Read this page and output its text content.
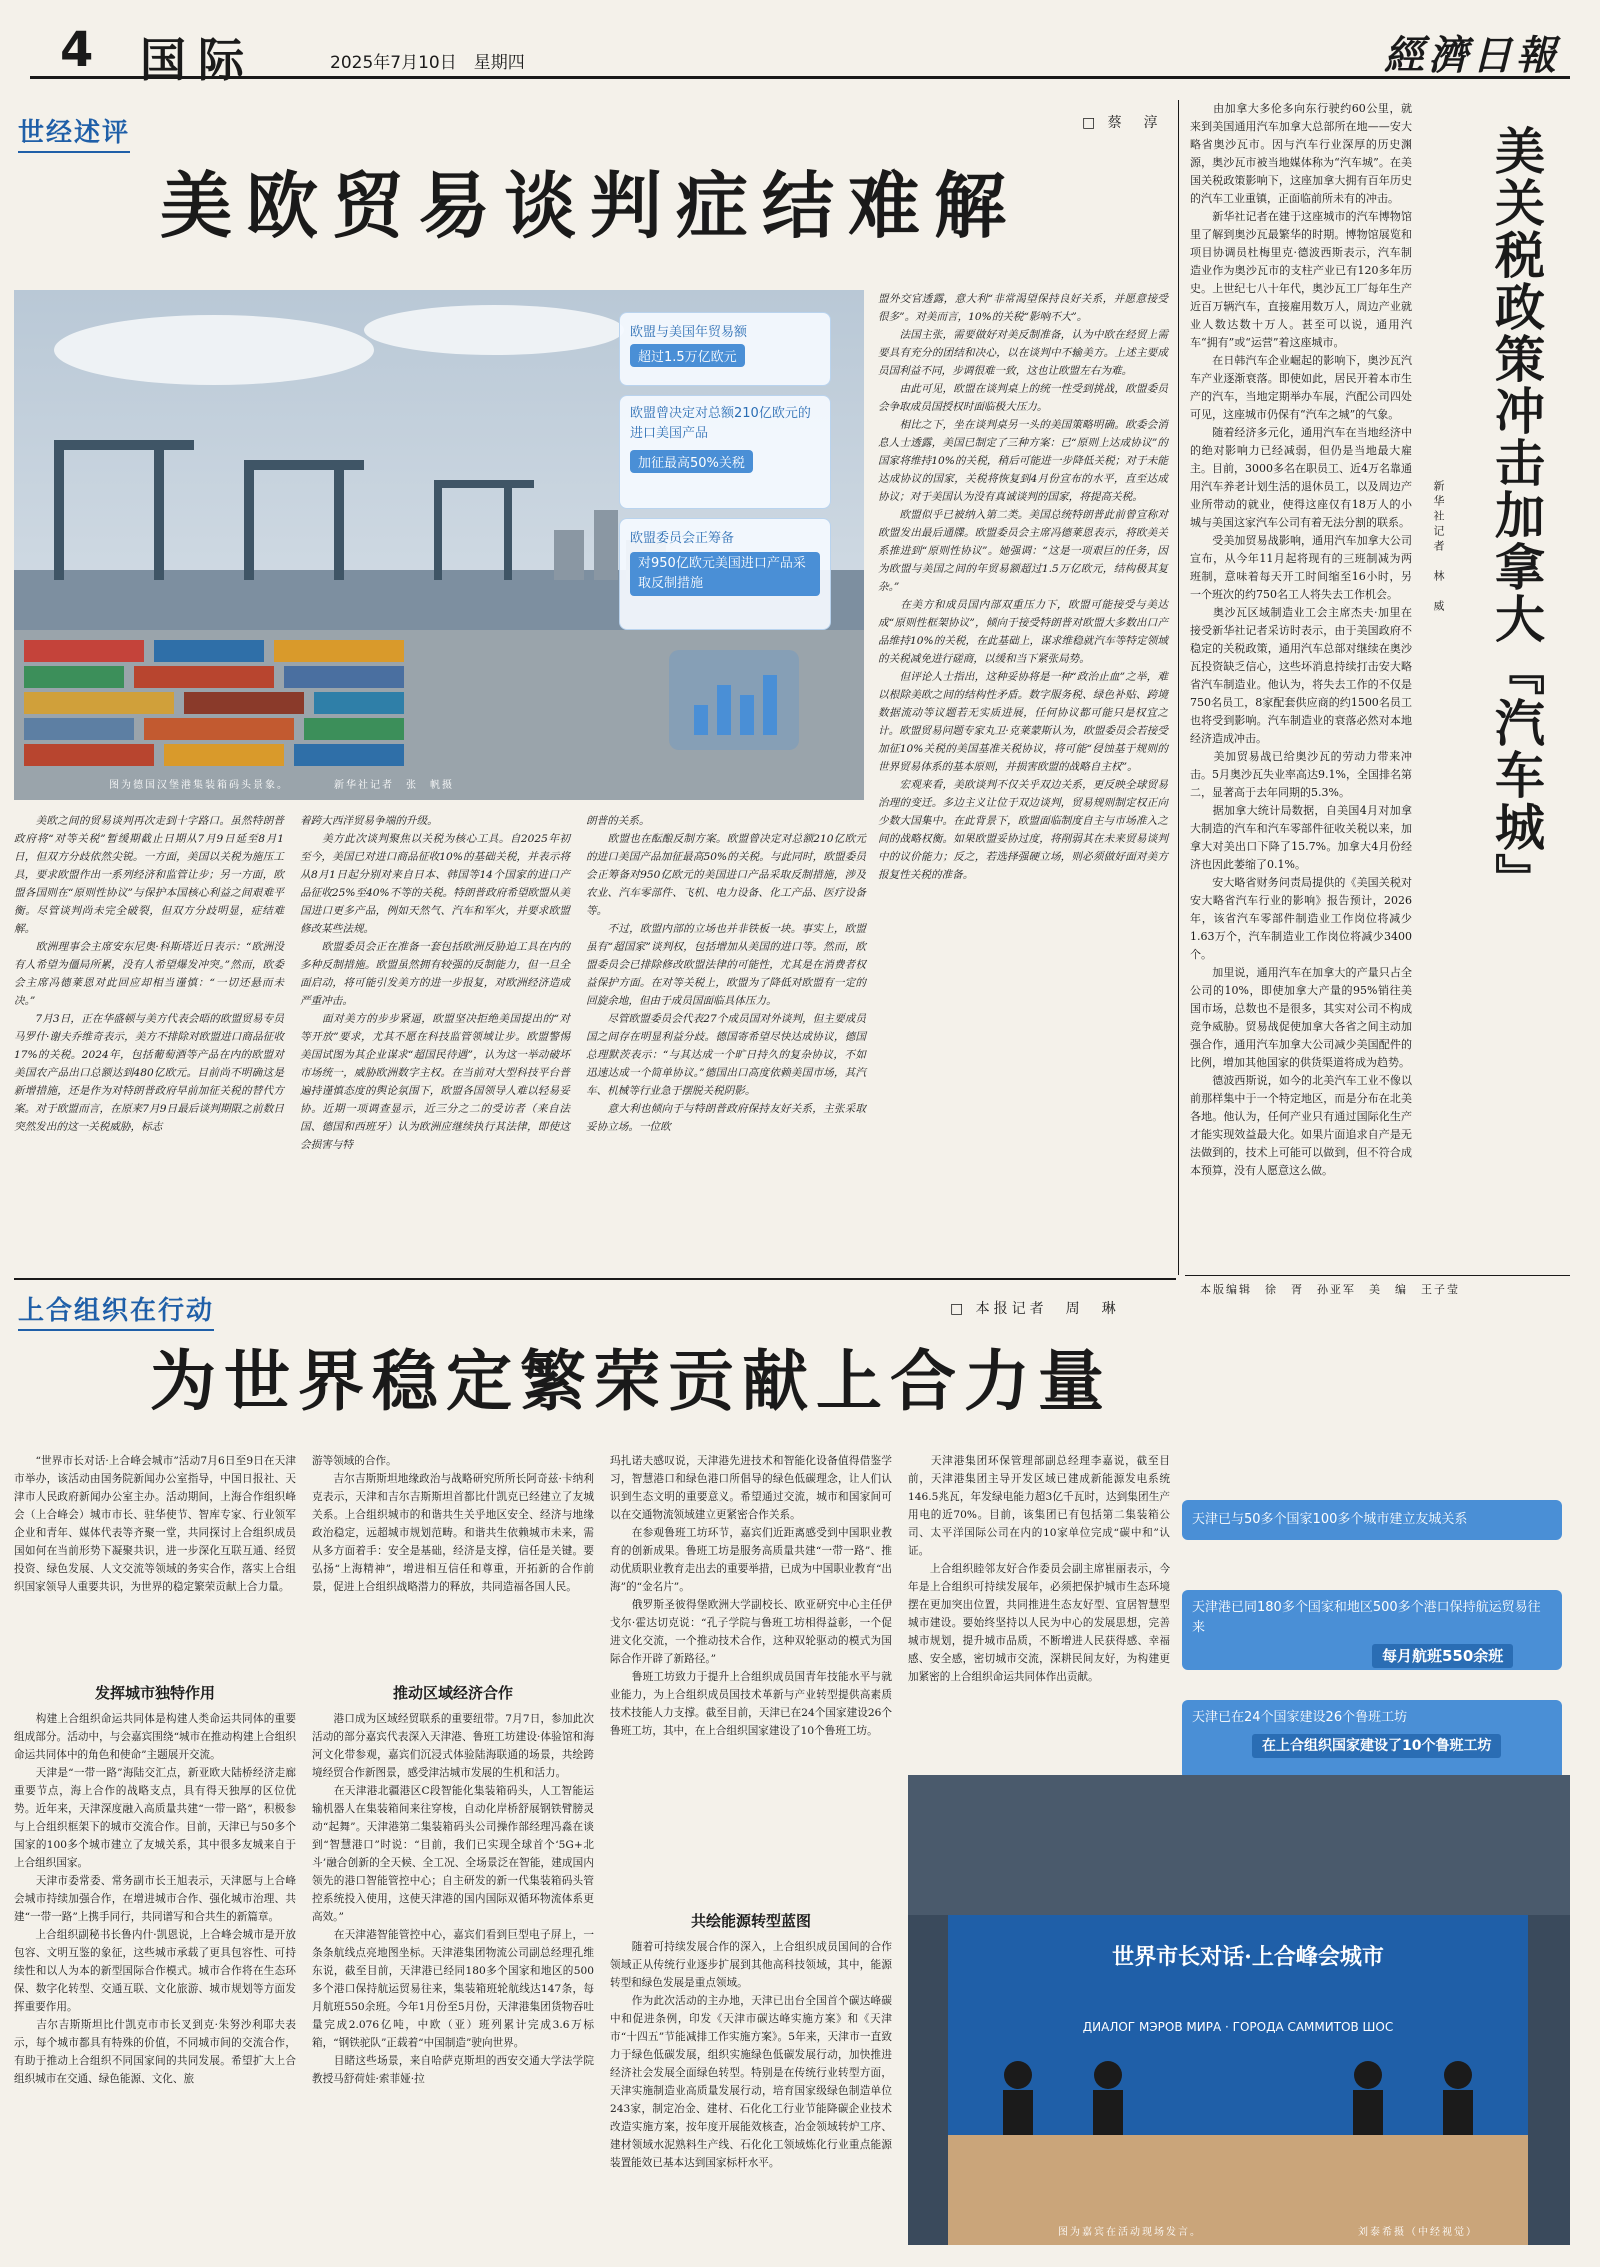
4 国际	2025年7月10日　星期四	經濟日報
世经述评	□ 蔡　淳
美欧贸易谈判症结难解
欧盟与美国年贸易额
超过1.5万亿欧元
欧盟曾决定对总额210亿欧元的进口美国产品
加征最高50%关税
欧盟委员会正筹备
对950亿欧元美国进口产品采取反制措施
图为德国汉堡港集装箱码头景象。	新华社记者　张　帆摄
盟外交官透露，意大利“非常渴望保持良好关系，并愿意接受很多”。对美而言，10%的关税“影响不大”。
　　法国主张，需要做好对美反制准备，认为中欧在经贸上需要具有充分的团结和决心，以在谈判中不输美方。上述主要成员国利益不同，步调很难一致，这也让欧盟左右为难。
　　由此可见，欧盟在谈判桌上的统一性受到挑战，欧盟委员会争取成员国授权时面临极大压力。
　　相比之下，坐在谈判桌另一头的美国策略明确。欧委会消息人士透露，美国已制定了三种方案：已“原则上达成协议”的国家将维持10%的关税，稍后可能进一步降低关税；对于未能达成协议的国家，关税将恢复到4月份宣布的水平，直至达成协议；对于美国认为没有真诚谈判的国家，将提高关税。
　　欧盟似乎已被纳入第二类。美国总统特朗普此前曾宣称对欧盟发出最后通牒。欧盟委员会主席冯德莱恩表示，将欧美关系推进到“原则性协议”。她强调：“这是一项艰巨的任务，因为欧盟与美国之间的年贸易额超过1.5万亿欧元，结构极其复杂。”
　　在美方和成员国内部双重压力下，欧盟可能接受与美达成“原则性框架协议”，倾向于接受特朗普对欧盟大多数出口产品维持10%的关税，在此基础上，谋求维稳就汽车等特定领域的关税减免进行磋商，以缓和当下紧张局势。
　　但评论人士指出，这种妥协将是一种“政治止血”之举，难以根除美欧之间的结构性矛盾。数字服务税、绿色补贴、跨境数据流动等议题若无实质进展，任何协议都可能只是权宜之计。欧盟贸易问题专家丸卫·克莱蒙斯认为，欧盟委员会若接受加征10%关税的美国基准关税协议，将可能“侵蚀基于规则的世界贸易体系的基本原则，并损害欧盟的战略自主权”。
　　宏观来看，美欧谈判不仅关乎双边关系，更反映全球贸易治理的变迁。多边主义让位于双边谈判，贸易规则制定权正向少数大国集中。在此背景下，欧盟面临制度自主与市场准入之间的战略权衡。如果欧盟妥协过度，将削弱其在未来贸易谈判中的议价能力；反之，若选择强硬立场，则必须做好面对美方报复性关税的准备。
　　美欧之间的贸易谈判再次走到十字路口。虽然特朗普政府将“对等关税”暂缓期截止日期从7月9日延至8月1日，但双方分歧依然尖锐。一方面，美国以关税为施压工具，要求欧盟作出一系列经济和监管让步；另一方面，欧盟各国则在“原则性协议”与保护本国核心利益之间艰难平衡。尽管谈判尚未完全破裂，但双方分歧明显，症结难解。
　　欧洲理事会主席安东尼奥·科斯塔近日表示：“欧洲没有人希望为僵局所累，没有人希望爆发冲突。”然而，欧委会主席冯德莱恩对此回应却相当谨慎：“一切还悬而未决。”
　　7月3日，正在华盛顿与美方代表会晤的欧盟贸易专员马罗什·谢夫乔维奇表示，美方不排除对欧盟进口商品征收17%的关税。2024年，包括葡萄酒等产品在内的欧盟对美国农产品出口总额达到480亿欧元。目前尚不明确这是新增措施，还是作为对特朗普政府早前加征关税的替代方案。对于欧盟而言，在原来7月9日最后谈判期限之前数日突然发出的这一关税威胁，标志
着跨大西洋贸易争端的升级。
　　美方此次谈判聚焦以关税为核心工具。自2025年初至今，美国已对进口商品征收10%的基础关税，并表示将从8月1日起分别对来自日本、韩国等14个国家的进口产品征收25%至40%不等的关税。特朗普政府希望欧盟从美国进口更多产品，例如天然气、汽车和军火，并要求欧盟修改某些法规。
　　欧盟委员会正在准备一套包括欧洲反胁迫工具在内的多种反制措施。欧盟虽然拥有较强的反制能力，但一旦全面启动，将可能引发美方的进一步报复，对欧洲经济造成严重冲击。
　　面对美方的步步紧逼，欧盟坚决拒绝美国提出的“对等开放”要求，尤其不愿在科技监管领域让步。欧盟警惕美国试图为其企业谋求“超国民待遇”，认为这一举动破坏市场统一，威胁欧洲数字主权。在当前对大型科技平台普遍持谨慎态度的舆论氛围下，欧盟各国领导人难以轻易妥协。近期一项调查显示，近三分之二的受访者（来自法国、德国和西班牙）认为欧洲应继续执行其法律，即使这会损害与特
朗普的关系。
　　欧盟也在酝酿反制方案。欧盟曾决定对总额210亿欧元的进口美国产品加征最高50%的关税。与此同时，欧盟委员会正筹备对950亿欧元的美国进口产品采取反制措施，涉及农业、汽车零部件、飞机、电力设备、化工产品、医疗设备等。
　　不过，欧盟内部的立场也并非铁板一块。事实上，欧盟虽有“超国家”谈判权，包括增加从美国的进口等。然而，欧盟委员会已排除修改欧盟法律的可能性，尤其是在消费者权益保护方面。在对等关税上，欧盟为了降低对欧盟有一定的回旋余地，但由于成员国面临具体压力。
　　尽管欧盟委员会代表27个成员国对外谈判，但主要成员国之间存在明显利益分歧。德国寄希望尽快达成协议，德国总理默茨表示：“与其达成一个旷日持久的复杂协议，不如迅速达成一个简单协议。”德国出口高度依赖美国市场，其汽车、机械等行业急于摆脱关税阴影。
　　意大利也倾向于与特朗普政府保持友好关系，主张采取妥协立场。一位欧
　　由加拿大多伦多向东行驶约60公里，就来到美国通用汽车加拿大总部所在地——安大略省奥沙瓦市。因与汽车行业深厚的历史渊源，奥沙瓦市被当地媒体称为“汽车城”。在美国关税政策影响下，这座加拿大拥有百年历史的汽车工业重镇，正面临前所未有的冲击。
　　新华社记者在建于这座城市的汽车博物馆里了解到奥沙瓦最繁华的时期。博物馆展览和项目协调员杜梅里克·德波西斯表示，汽车制造业作为奥沙瓦市的支柱产业已有120多年历史。上世纪七八十年代，奥沙瓦工厂每年生产近百万辆汽车，直接雇用数万人，周边产业就业人数达数十万人。甚至可以说，通用汽车“拥有”或“运营”着这座城市。
　　在日韩汽车企业崛起的影响下，奥沙瓦汽车产业逐渐衰落。即使如此，居民开着本市生产的汽车，当地定期举办车展，汽配公司四处可见，这座城市仍保有“汽车之城”的气象。
　　随着经济多元化，通用汽车在当地经济中的绝对影响力已经减弱，但仍是当地最大雇主。目前，3000多名在职员工、近4万名靠通用汽车养老计划生活的退休员工，以及周边产业所带动的就业，使得这座仅有18万人的小城与美国这家汽车公司有着无法分割的联系。
　　受美加贸易战影响，通用汽车加拿大公司宣布，从今年11月起将现有的三班制减为两班制，意味着每天开工时间缩至16小时，另一个班次的约750名工人将失去工作机会。
　　奥沙瓦区域制造业工会主席杰夫·加里在接受新华社记者采访时表示，由于美国政府不稳定的关税政策，通用汽车总部对继续在奥沙瓦投资缺乏信心，这些坏消息持续打击安大略省汽车制造业。他认为，将失去工作的不仅是750名员工，8家配套供应商的约1500名员工也将受到影响。汽车制造业的衰落必然对本地经济造成冲击。
　　美加贸易战已给奥沙瓦的劳动力带来冲击。5月奥沙瓦失业率高达9.1%，全国排名第二，显著高于去年同期的5.3%。
　　据加拿大统计局数据，自美国4月对加拿大制造的汽车和汽车零部件征收关税以来，加拿大对美出口下降了15.7%。加拿大4月份经济也因此萎缩了0.1%。
　　安大略省财务问责局提供的《美国关税对安大略省汽车行业的影响》报告预计，2026年，该省汽车零部件制造业工作岗位将减少1.63万个，汽车制造业工作岗位将减少3400个。
　　加里说，通用汽车在加拿大的产量只占全公司的10%，即使加拿大产量的95%销往美国市场，总数也不是很多，其实对公司不构成竞争威胁。贸易战促使加拿大各省之间主动加强合作，通用汽车加拿大公司减少美国配件的比例，增加其他国家的供货渠道将成为趋势。
　　德波西斯说，如今的北美汽车工业不像以前那样集中于一个特定地区，而是分布在北美各地。他认为，任何产业只有通过国际化生产才能实现效益最大化。如果片面追求自产是无法做到的，技术上可能可以做到，但不符合成本预算，没有人愿意这么做。
美关税政策冲击加拿大『汽车城』
新华社记者　林　威
本版编辑　徐　胥　孙亚军　美　编　王子莹
上合组织在行动	□ 本报记者　周　琳
为世界稳定繁荣贡献上合力量
　　“世界市长对话·上合峰会城市”活动7月6日至9日在天津市举办，该活动由国务院新闻办公室指导，中国日报社、天津市人民政府新闻办公室主办。活动期间，上海合作组织峰会（上合峰会）城市市长、驻华使节、智库专家、行业领军企业和青年、媒体代表等齐聚一堂，共同探讨上合组织成员国如何在当前形势下凝聚共识，进一步深化互联互通、经贸投资、绿色发展、人文交流等领域的务实合作，落实上合组织国家领导人重要共识，为世界的稳定繁荣贡献上合力量。
发挥城市独特作用
　　构建上合组织命运共同体是构建人类命运共同体的重要组成部分。活动中，与会嘉宾围绕“城市在推动构建上合组织命运共同体中的角色和使命”主题展开交流。
　　天津是“一带一路”海陆交汇点，新亚欧大陆桥经济走廊重要节点，海上合作的战略支点，具有得天独厚的区位优势。近年来，天津深度融入高质量共建“一带一路”，积极参与上合组织框架下的城市交流合作。目前，天津已与50多个国家的100多个城市建立了友城关系，其中很多友城来自于上合组织国家。
　　天津市委常委、常务副市长王旭表示，天津愿与上合峰会城市持续加强合作，在增进城市合作、强化城市治理、共建“一带一路”上携手同行，共同谱写和合共生的新篇章。
　　上合组织副秘书长鲁内什·凯恩说，上合峰会城市是开放包容、文明互鉴的象征，这些城市承载了更具包容性、可持续性和以人为本的新型国际合作模式。城市合作将在生态环保、数字化转型、交通互联、文化旅游、城市规划等方面发挥重要作用。
　　吉尔吉斯斯坦比什凯克市市长叉到克·朱努沙利耶夫表示，每个城市都具有特殊的价值，不同城市间的交流合作，有助于推动上合组织不同国家间的共同发展。希望扩大上合组织城市在交通、绿色能源、文化、旅
游等领域的合作。
　　吉尔吉斯斯坦地缘政治与战略研究所所长阿奇兹·卡纳利克表示，天津和吉尔吉斯斯坦首都比什凯克已经建立了友城关系。上合组织城市的和谐共生关乎地区安全、经济与地缘政治稳定，远超城市规划范畴。和谐共生依赖城市未来，需从多方面着手：安全是基础，经济是支撑，信任是关键。要弘扬“上海精神”，增进相互信任和尊重，开拓新的合作前景，促进上合组织战略潜力的释放，共同造福各国人民。
推动区域经济合作
　　港口成为区域经贸联系的重要纽带。7月7日，参加此次活动的部分嘉宾代表深入天津港、鲁班工坊建设·体验馆和海河文化带参观，嘉宾们沉浸式体验陆海联通的场景，共绘跨境经贸合作新图景，感受津沽城市发展的生机和活力。
　　在天津港北疆港区C段智能化集装箱码头，人工智能运输机器人在集装箱间来往穿梭，自动化岸桥舒展钢铁臂膀灵动“起舞”。天津港第二集装箱码头公司操作部经理冯淼在谈到“智慧港口”时说：“目前，我们已实现全球首个‘5G+北斗’融合创新的全天候、全工况、全场景泛在智能，建成国内领先的港口智能管控中心；自主研发的新一代集装箱码头管控系统投入使用，这使天津港的国内国际双循环物流体系更高效。”
　　在天津港智能管控中心，嘉宾们看到巨型电子屏上，一条条航线点亮地图坐标。天津港集团物流公司副总经理孔维东说，截至目前，天津港已经同180多个国家和地区的500多个港口保持航运贸易往来，集装箱班轮航线达147条，每月航班550余班。今年1月份至5月份，天津港集团货物吞吐量完成2.076亿吨，中欧（亚）班列累计完成3.6万标箱，“钢铁驼队”正载着“中国制造”驶向世界。
　　目睹这些场景，来自哈萨克斯坦的西安交通大学法学院教授马舒荷娃·索菲娅·拉
玛扎诺夫感叹说，天津港先进技术和智能化设备值得借鉴学习，智慧港口和绿色港口所倡导的绿色低碳理念，让人们认识到生态文明的重要意义。希望通过交流，城市和国家间可以在交通物流领域建立更紧密合作关系。
　　在参观鲁班工坊环节，嘉宾们近距离感受到中国职业教育的创新成果。鲁班工坊是服务高质量共建“一带一路”、推动优质职业教育走出去的重要举措，已成为中国职业教育“出海”的“金名片”。
　　俄罗斯圣彼得堡欧洲大学副校长、欧亚研究中心主任伊戈尔·霍达切克说：“孔子学院与鲁班工坊相得益彰，一个促进文化交流，一个推动技术合作，这种双轮驱动的模式为国际合作开辟了新路径。”
　　鲁班工坊致力于提升上合组织成员国青年技能水平与就业能力，为上合组织成员国技术革新与产业转型提供高素质技术技能人力支撑。截至目前，天津已在24个国家建设26个鲁班工坊，其中，在上合组织国家建设了10个鲁班工坊。
共绘能源转型蓝图
　　随着可持续发展合作的深入，上合组织成员国间的合作领域正从传统行业逐步扩展到其他高科技领域，其中，能源转型和绿色发展是重点领域。
　　作为此次活动的主办地，天津已出台全国首个碳达峰碳中和促进条例，印发《天津市碳达峰实施方案》和《天津市“十四五”节能减排工作实施方案》。5年来，天津市一直致力于绿色低碳发展，组织实施绿色低碳发展行动，加快推进经济社会发展全面绿色转型。特别是在传统行业转型方面，天津实施制造业高质量发展行动，培育国家级绿色制造单位243家，制定冶金、建材、石化化工行业节能降碳企业技术改造实施方案，按年度开展能效核查，冶金领域转炉工序、建材领域水泥熟料生产线、石化化工领域炼化行业重点能源装置能效已基本达到国家标杆水平。
　　天津港集团环保管理部副总经理李嘉说，截至目前，天津港集团主导开发区域已建成新能源发电系统146.5兆瓦，年发绿电能力超3亿千瓦时，达到集团生产用电的近70%。目前，该集团已有包括第二集装箱公司、太平洋国际公司在内的10家单位完成“碳中和”认证。
　　上合组织睦邻友好合作委员会副主席崔丽表示，今年是上合组织可持续发展年，必须把保护城市生态环境摆在更加突出位置，共同推进生态友好型、宜居智慧型城市建设。要始终坚持以人民为中心的发展思想，完善城市规划，提升城市品质，不断增进人民获得感、幸福感、安全感，密切城市交流，深耕民间友好，为构建更加紧密的上合组织命运共同体作出贡献。
天津已与50多个国家100多个城市建立友城关系
天津港已同180多个国家和地区500多个港口保持航运贸易往来
每月航班550余班
天津已在24个国家建设26个鲁班工坊
在上合组织国家建设了10个鲁班工坊
世界市长对话·上合峰会城市
ДИАЛОГ МЭРОВ МИРА · ГОРОДА САММИТОВ ШОС
图为嘉宾在活动现场发言。	刘泰希摄（中经视觉）
